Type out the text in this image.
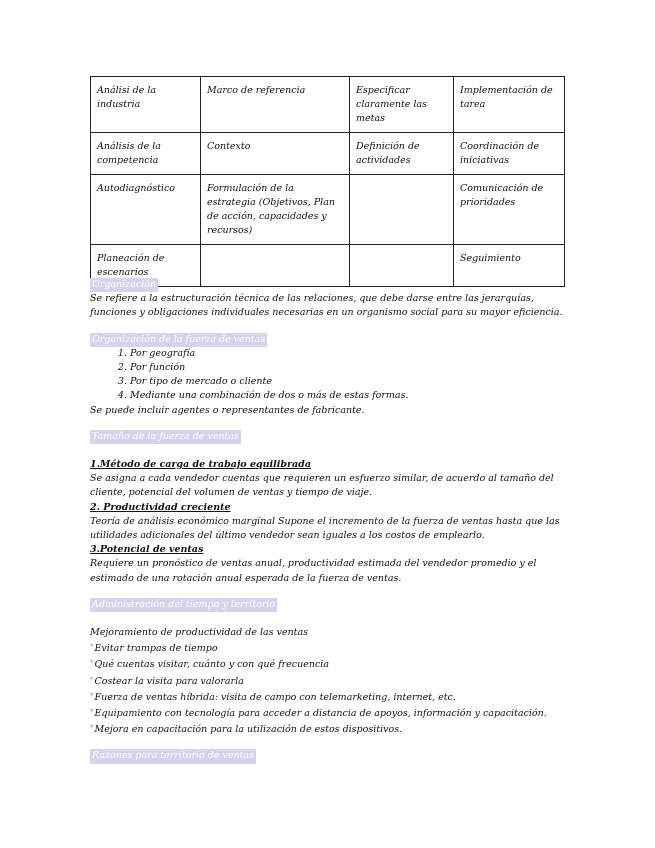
Análisi de la industria	Marco de referencia	Especificar claramente las metas	Implementación de tarea
Análisis de la competencia	Contexto	Definición de actividades	Coordinación de iniciativas
Autodiagnóstico	Formulación de la estrategia (Objetivos, Plan de acción, capacidades y recursos)		Comunicación de prioridades
Planeación de escenarios			Seguimiento
Organización
Se refiere a la estructuración técnica de las relaciones, que debe darse entre las jerarquías, funciones y obligaciones individuales necesarias en un organismo social para su mayor eficiencia.
Organización de la fuerza de ventas
1. Por geografía
2. Por función
3. Por tipo de mercado o cliente
4. Mediante una combinación de dos o más de estas formas.
Se puede incluir agentes o representantes de fabricante.
Tamaño de la fuerza de ventas
1.Método de carga de trabajo equilibrada
Se asigna a cada vendedor cuentas que requieren un esfuerzo similar, de acuerdo al tamaño del cliente, potencial del volumen de ventas y tiempo de viaje.
2. Productividad creciente
Teoría de análisis económico marginal Supone el incremento de la fuerza de ventas hasta que las utilidades adicionales del último vendedor sean iguales a los costos de emplearlo.
3.Potencial de ventas
Requiere un pronóstico de ventas anual, productividad estimada del vendedor promedio y el estimado de una rotación anual esperada de la fuerza de ventas.
Administración del tiempo y territorio
Mejoramiento de productividad de las ventas
*Evitar trampas de tiempo
*Qué cuentas visitar, cuánto y con qué frecuencia
*Costear la visita para valorarla
*Fuerza de ventas híbrida: visita de campo con telemarketing, internet, etc.
*Equipamiento con tecnología para acceder a distancia de apoyos, información y capacitación.
*Mejora en capacitación para la utilización de estos dispositivos.
Razones para territorio de ventas
